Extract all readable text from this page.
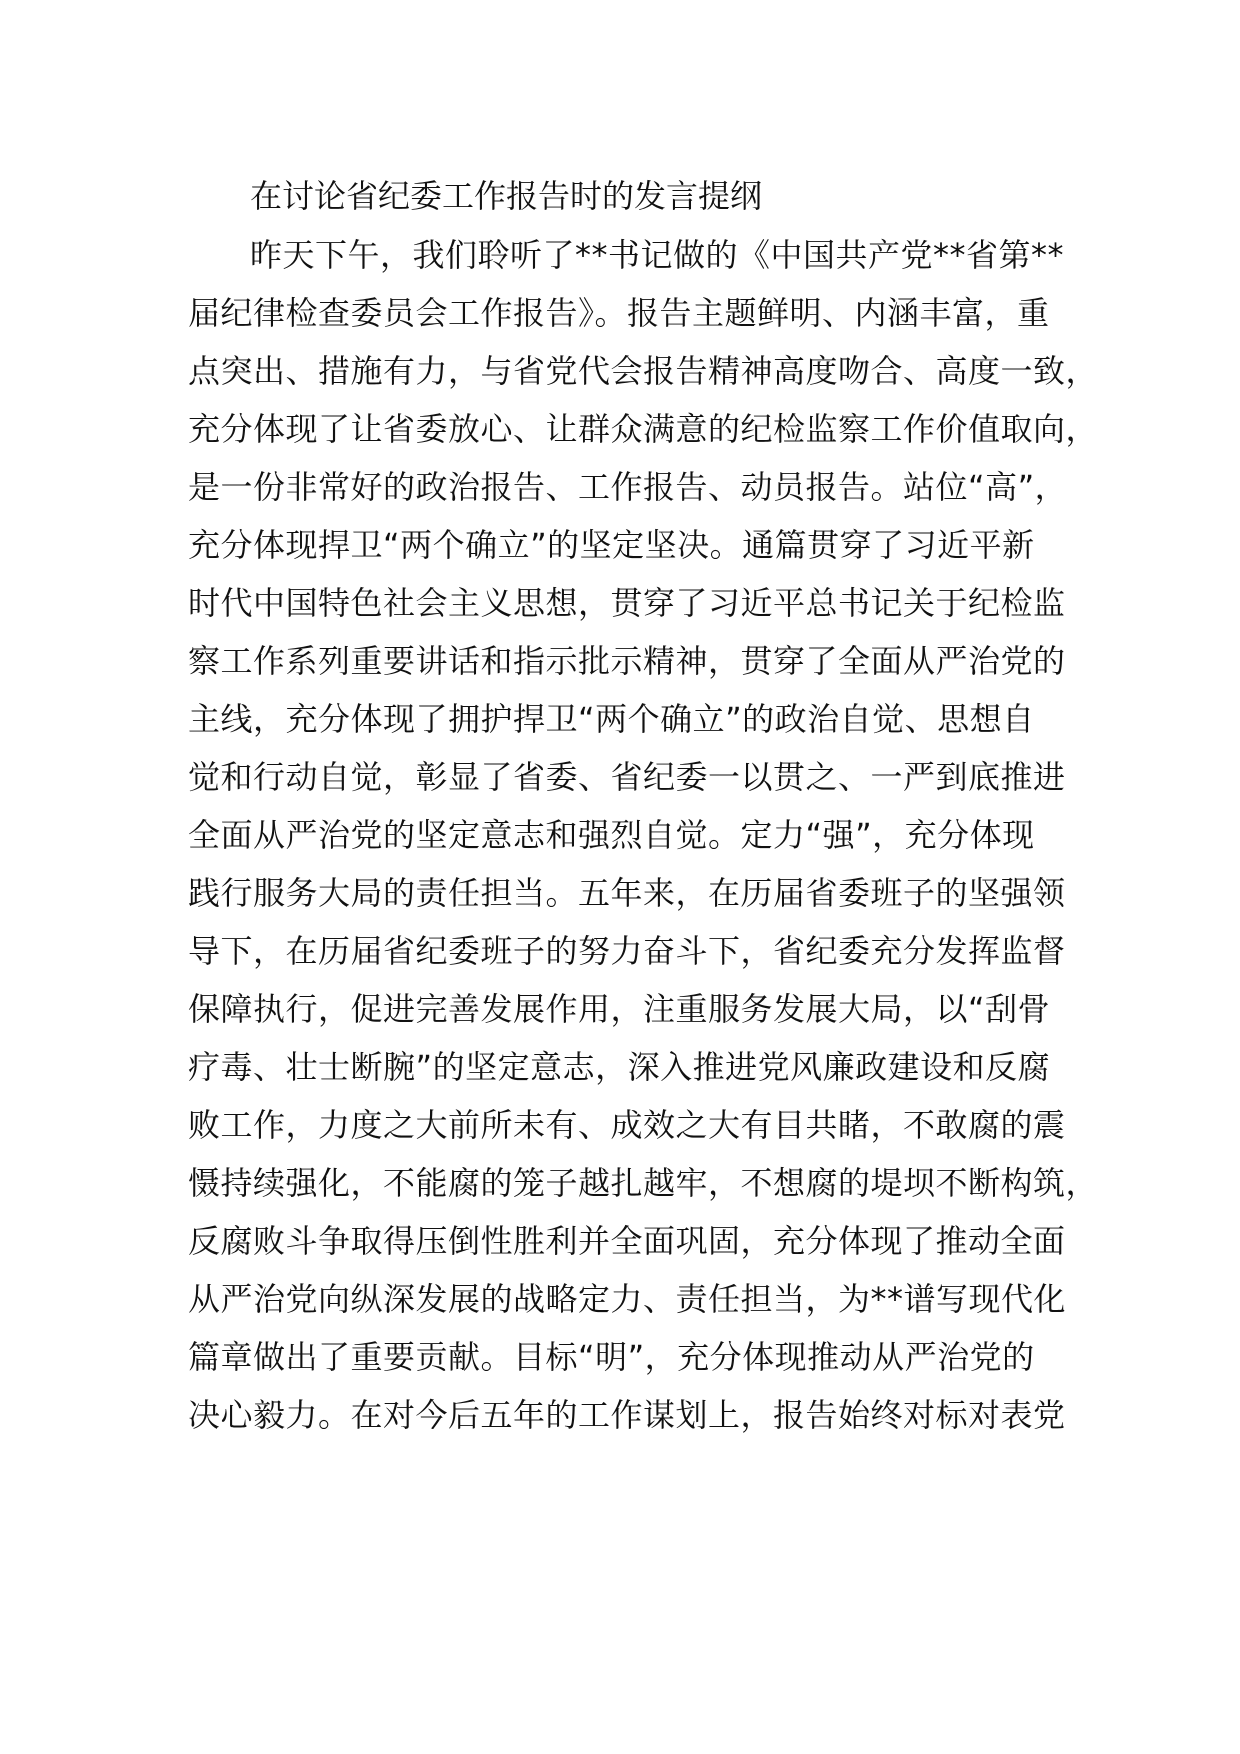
在讨论省纪委工作报告时的发言提纲
昨天下午，我们聆听了**书记做的《中国共产党**省第**
届纪律检查委员会工作报告》。报告主题鲜明、内涵丰富，重
点突出、措施有力，与省党代会报告精神高度吻合、高度一致，
充分体现了让省委放心、让群众满意的纪检监察工作价值取向，
是一份非常好的政治报告、工作报告、动员报告。站位“高”，
充分体现捍卫“两个确立”的坚定坚决。通篇贯穿了习近平新
时代中国特色社会主义思想，贯穿了习近平总书记关于纪检监
察工作系列重要讲话和指示批示精神，贯穿了全面从严治党的
主线，充分体现了拥护捍卫“两个确立”的政治自觉、思想自
觉和行动自觉，彰显了省委、省纪委一以贯之、一严到底推进
全面从严治党的坚定意志和强烈自觉。定力“强”，充分体现
践行服务大局的责任担当。五年来，在历届省委班子的坚强领
导下，在历届省纪委班子的努力奋斗下，省纪委充分发挥监督
保障执行，促进完善发展作用，注重服务发展大局，以“刮骨
疗毒、壮士断腕”的坚定意志，深入推进党风廉政建设和反腐
败工作，力度之大前所未有、成效之大有目共睹，不敢腐的震
慑持续强化，不能腐的笼子越扎越牢，不想腐的堤坝不断构筑，
反腐败斗争取得压倒性胜利并全面巩固，充分体现了推动全面
从严治党向纵深发展的战略定力、责任担当，为**谱写现代化
篇章做出了重要贡献。目标“明”，充分体现推动从严治党的
决心毅力。在对今后五年的工作谋划上，报告始终对标对表党
